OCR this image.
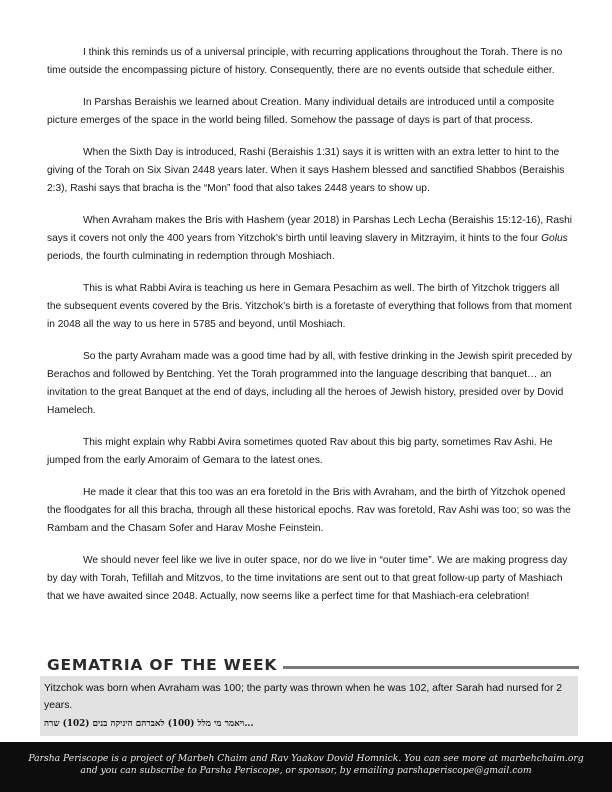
I think this reminds us of a universal principle, with recurring applications throughout the Torah. There is no time outside the encompassing picture of history. Consequently, there are no events outside that schedule either.

In Parshas Beraishis we learned about Creation. Many individual details are introduced until a composite picture emerges of the space in the world being filled. Somehow the passage of days is part of that process.

When the Sixth Day is introduced, Rashi (Beraishis 1:31) says it is written with an extra letter to hint to the giving of the Torah on Six Sivan 2448 years later. When it says Hashem blessed and sanctified Shabbos (Beraishis 2:3), Rashi says that bracha is the “Mon” food that also takes 2448 years to show up.

When Avraham makes the Bris with Hashem (year 2018) in Parshas Lech Lecha (Beraishis 15:12-16), Rashi says it covers not only the 400 years from Yitzchok’s birth until leaving slavery in Mitzrayim, it hints to the four Golus periods, the fourth culminating in redemption through Moshiach.

This is what Rabbi Avira is teaching us here in Gemara Pesachim as well. The birth of Yitzchok triggers all the subsequent events covered by the Bris. Yitzchok’s birth is a foretaste of everything that follows from that moment in 2048 all the way to us here in 5785 and beyond, until Moshiach.

So the party Avraham made was a good time had by all, with festive drinking in the Jewish spirit preceded by Berachos and followed by Bentching. Yet the Torah programmed into the language describing that banquet… an invitation to the great Banquet at the end of days, including all the heroes of Jewish history, presided over by Dovid Hamelech.

This might explain why Rabbi Avira sometimes quoted Rav about this big party, sometimes Rav Ashi. He jumped from the early Amoraim of Gemara to the latest ones.

He made it clear that this too was an era foretold in the Bris with Avraham, and the birth of Yitzchok opened the floodgates for all this bracha, through all these historical epochs. Rav was foretold, Rav Ashi was too; so was the Rambam and the Chasam Sofer and Harav Moshe Feinstein.

We should never feel like we live in outer space, nor do we live in “outer time”. We are making progress day by day with Torah, Tefillah and Mitzvos, to the time invitations are sent out to that great follow-up party of Mashiach that we have awaited since 2048. Actually, now seems like a perfect time for that Mashiach-era celebration!

GEMATRIA OF THE WEEK
Yitzchok was born when Avraham was 100; the party was thrown when he was 102, after Sarah had nursed for 2 years.
ויאמר מי מלל (100) לאברהם היניקה בנים (102) שרה...
Parsha Periscope is a project of Marbeh Chaim and Rav Yaakov Dovid Homnick. You can see more at marbehchaim.org
and you can subscribe to Parsha Periscope, or sponsor, by emailing parshaperiscope@gmail.com
